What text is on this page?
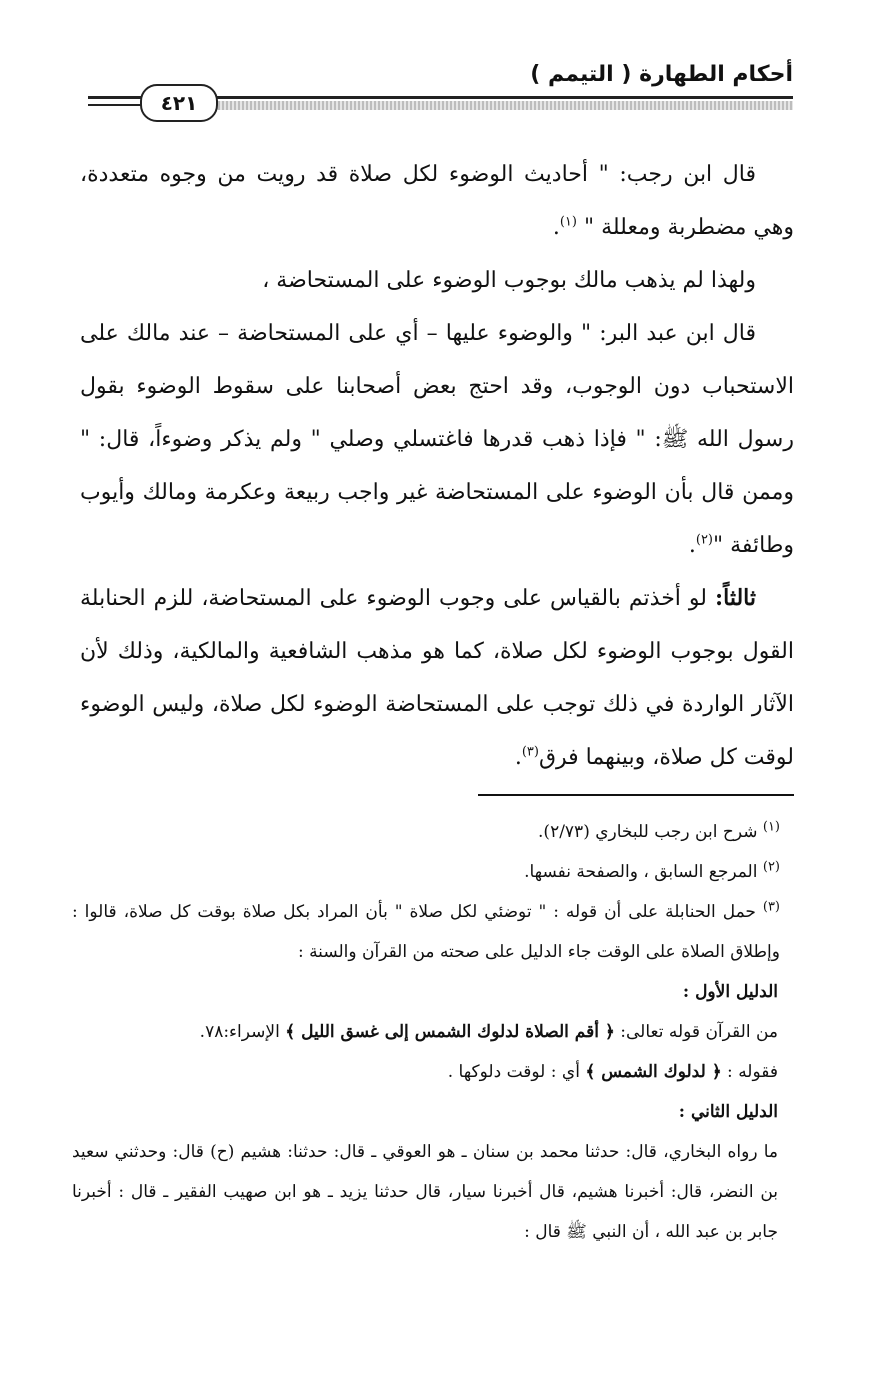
أحكام الطهارة ( التيمم )
٤٢١

قال ابن رجب: " أحاديث الوضوء لكل صلاة قد رويت من وجوه متعددة، وهي مضطربة ومعللة " $^{(١)}$.

ولهذا لم يذهب مالك بوجوب الوضوء على المستحاضة ،

قال ابن عبد البر: " والوضوء عليها – أي على المستحاضة – عند مالك على الاستحباب دون الوجوب، وقد احتج بعض أصحابنا على سقوط الوضوء بقول رسول الله ﷺ: " فإذا ذهب قدرها فاغتسلي وصلي " ولم يذكر وضوءاً، قال: " وممن قال بأن الوضوء على المستحاضة غير واجب ربيعة وعكرمة ومالك وأيوب وطائفة "$^{(٢)}$.

ثالثاً: لو أخذتم بالقياس على وجوب الوضوء على المستحاضة، للزم الحنابلة القول بوجوب الوضوء لكل صلاة، كما هو مذهب الشافعية والمالكية، وذلك لأن الآثار الواردة في ذلك توجب على المستحاضة الوضوء لكل صلاة، وليس الوضوء لوقت كل صلاة، وبينهما فرق$^{(٣)}$.

$^{(١)}$ شرح ابن رجب للبخاري (٢/٧٣).

$^{(٢)}$ المرجع السابق ، والصفحة نفسها.

$^{(٣)}$ حمل الحنابلة على أن قوله : " توضئي لكل صلاة " بأن المراد بكل صلاة بوقت كل صلاة، قالوا : وإطلاق الصلاة على الوقت جاء الدليل على صحته من القرآن والسنة :

الدليل الأول :

من القرآن قوله تعالى: ﴿ أقم الصلاة لدلوك الشمس إلى غسق الليل ﴾ الإسراء:٧٨.

فقوله : ﴿ لدلوك الشمس ﴾ أي : لوقت دلوكها .

الدليل الثاني :

ما رواه البخاري، قال: حدثنا محمد بن سنان ـ هو العوقي ـ قال: حدثنا: هشيم (ح) قال: وحدثني سعيد بن النضر، قال: أخبرنا هشيم، قال أخبرنا سيار، قال حدثنا يزيد ـ هو ابن صهيب الفقير ـ قال : أخبرنا جابر بن عبد الله ، أن النبي ﷺ قال :
